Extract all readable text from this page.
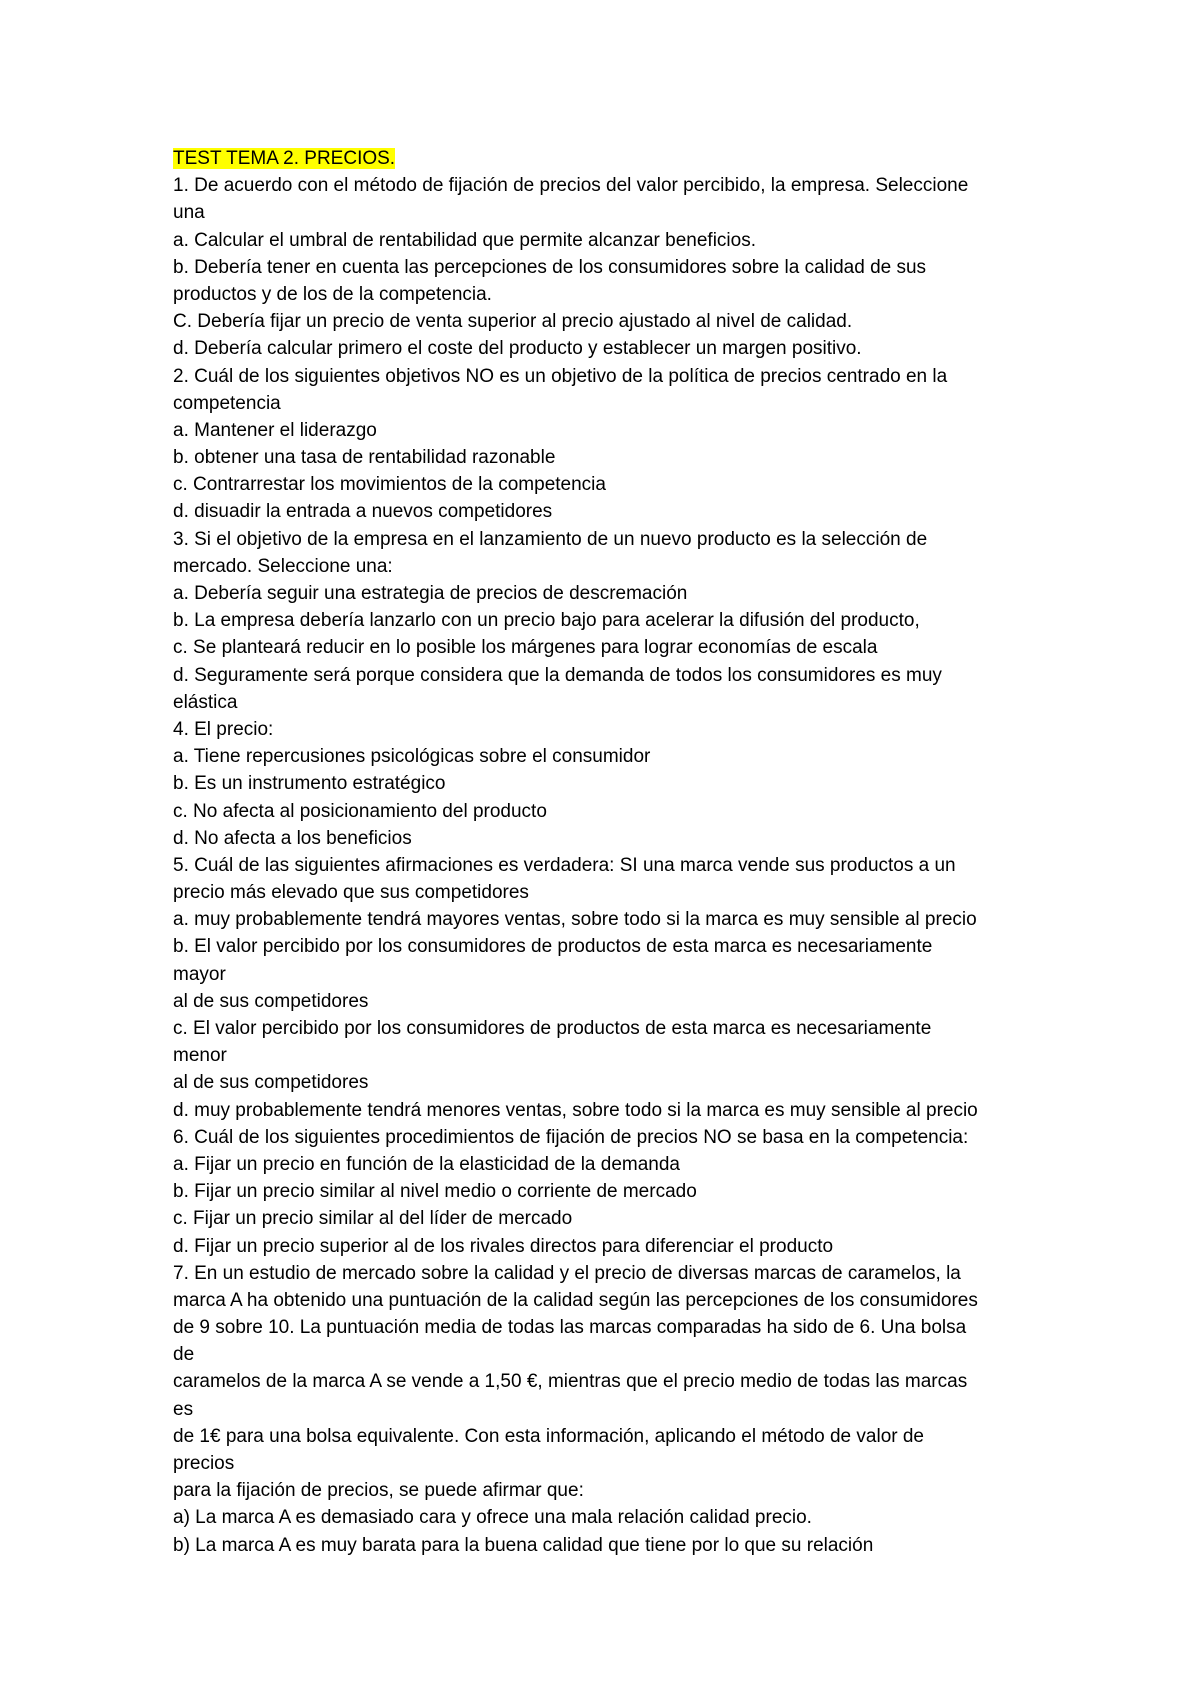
TEST TEMA 2. PRECIOS.
1. De acuerdo con el método de fijación de precios del valor percibido, la empresa. Seleccione
una
a. Calcular el umbral de rentabilidad que permite alcanzar beneficios.
b. Debería tener en cuenta las percepciones de los consumidores sobre la calidad de sus
productos y de los de la competencia.
C. Debería fijar un precio de venta superior al precio ajustado al nivel de calidad.
d. Debería calcular primero el coste del producto y establecer un margen positivo.
2. Cuál de los siguientes objetivos NO es un objetivo de la política de precios centrado en la
competencia
a. Mantener el liderazgo
b. obtener una tasa de rentabilidad razonable
c. Contrarrestar los movimientos de la competencia
d. disuadir la entrada a nuevos competidores
3. Si el objetivo de la empresa en el lanzamiento de un nuevo producto es la selección de
mercado. Seleccione una:
a. Debería seguir una estrategia de precios de descremación
b. La empresa debería lanzarlo con un precio bajo para acelerar la difusión del producto,
c. Se planteará reducir en lo posible los márgenes para lograr economías de escala
d. Seguramente será porque considera que la demanda de todos los consumidores es muy
elástica
4. El precio:
a. Tiene repercusiones psicológicas sobre el consumidor
b. Es un instrumento estratégico
c. No afecta al posicionamiento del producto
d. No afecta a los beneficios
5. Cuál de las siguientes afirmaciones es verdadera: SI una marca vende sus productos a un
precio más elevado que sus competidores
a. muy probablemente tendrá mayores ventas, sobre todo si la marca es muy sensible al precio
b. El valor percibido por los consumidores de productos de esta marca es necesariamente
mayor
al de sus competidores
c. El valor percibido por los consumidores de productos de esta marca es necesariamente
menor
al de sus competidores
d. muy probablemente tendrá menores ventas, sobre todo si la marca es muy sensible al precio
6. Cuál de los siguientes procedimientos de fijación de precios NO se basa en la competencia:
a. Fijar un precio en función de la elasticidad de la demanda
b. Fijar un precio similar al nivel medio o corriente de mercado
c. Fijar un precio similar al del líder de mercado
d. Fijar un precio superior al de los rivales directos para diferenciar el producto
7. En un estudio de mercado sobre la calidad y el precio de diversas marcas de caramelos, la
marca A ha obtenido una puntuación de la calidad según las percepciones de los consumidores
de 9 sobre 10. La puntuación media de todas las marcas comparadas ha sido de 6. Una bolsa
de
caramelos de la marca A se vende a 1,50 €, mientras que el precio medio de todas las marcas
es
de 1€ para una bolsa equivalente. Con esta información, aplicando el método de valor de
precios
para la fijación de precios, se puede afirmar que:
a) La marca A es demasiado cara y ofrece una mala relación calidad precio.
b) La marca A es muy barata para la buena calidad que tiene por lo que su relación
